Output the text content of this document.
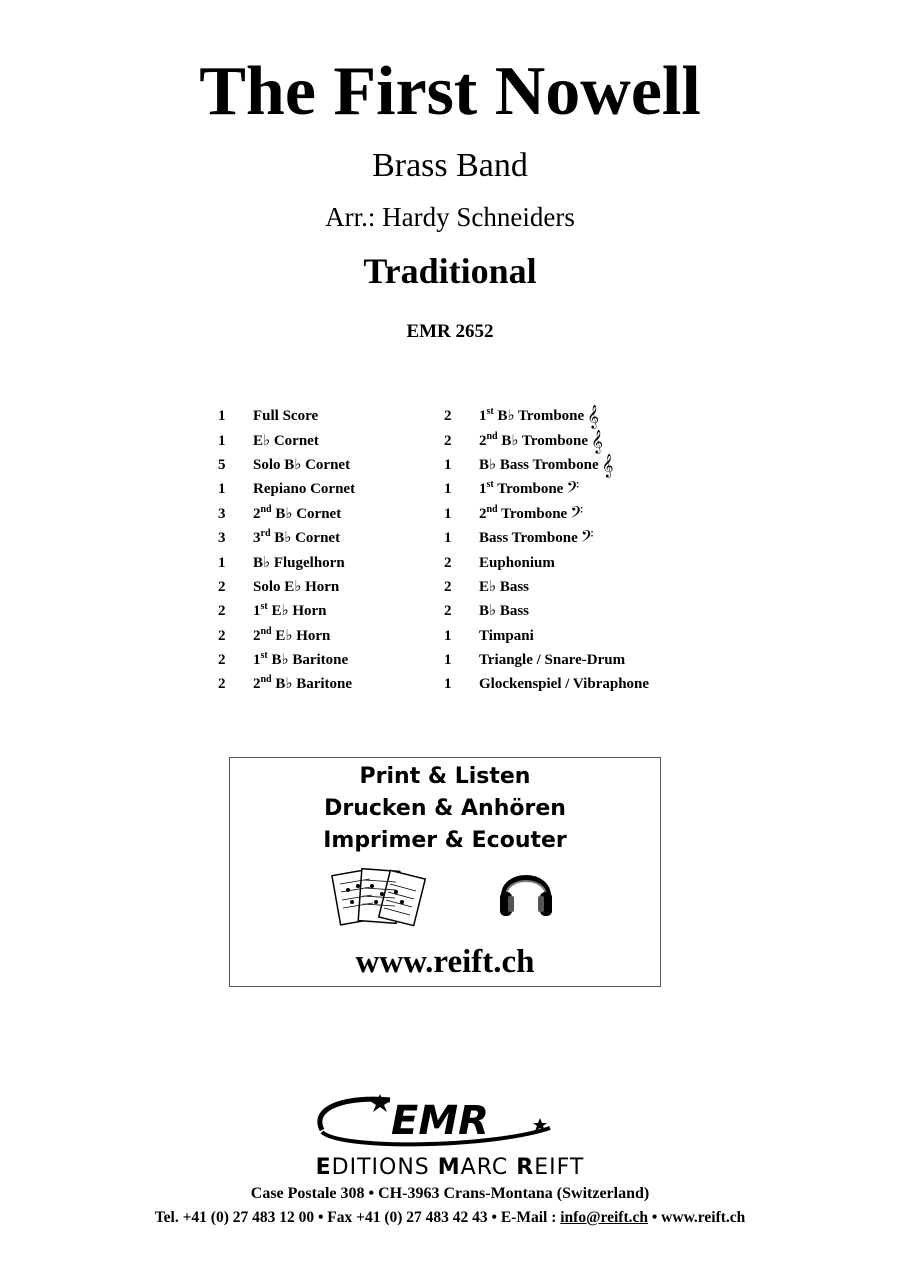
The First Nowell
Brass Band
Arr.: Hardy Schneiders
Traditional
EMR 2652
1	Full Score
1	E♭ Cornet
5	Solo B♭ Cornet
1	Repiano Cornet
3	2nd B♭ Cornet
3	3rd B♭ Cornet
1	B♭ Flugelhorn
2	Solo E♭ Horn
2	1st E♭ Horn
2	2nd E♭ Horn
2	1st B♭ Baritone
2	2nd B♭ Baritone
2	1st B♭ Trombone 𝄞
2	2nd B♭ Trombone 𝄞
1	B♭ Bass Trombone 𝄞
1	1st Trombone 𝄢
1	2nd Trombone 𝄢
1	Bass Trombone 𝄢
2	Euphonium
2	E♭ Bass
2	B♭ Bass
1	Timpani
1	Triangle / Snare-Drum
1	Glockenspiel / Vibraphone
Print & Listen
Drucken & Anhören
Imprimer & Ecouter
www.reift.ch
EMR
EDITIONS MARC REIFT
Case Postale 308 • CH-3963 Crans-Montana (Switzerland)
Tel. +41 (0) 27 483 12 00 • Fax +41 (0) 27 483 42 43 • E-Mail : info@reift.ch • www.reift.ch
